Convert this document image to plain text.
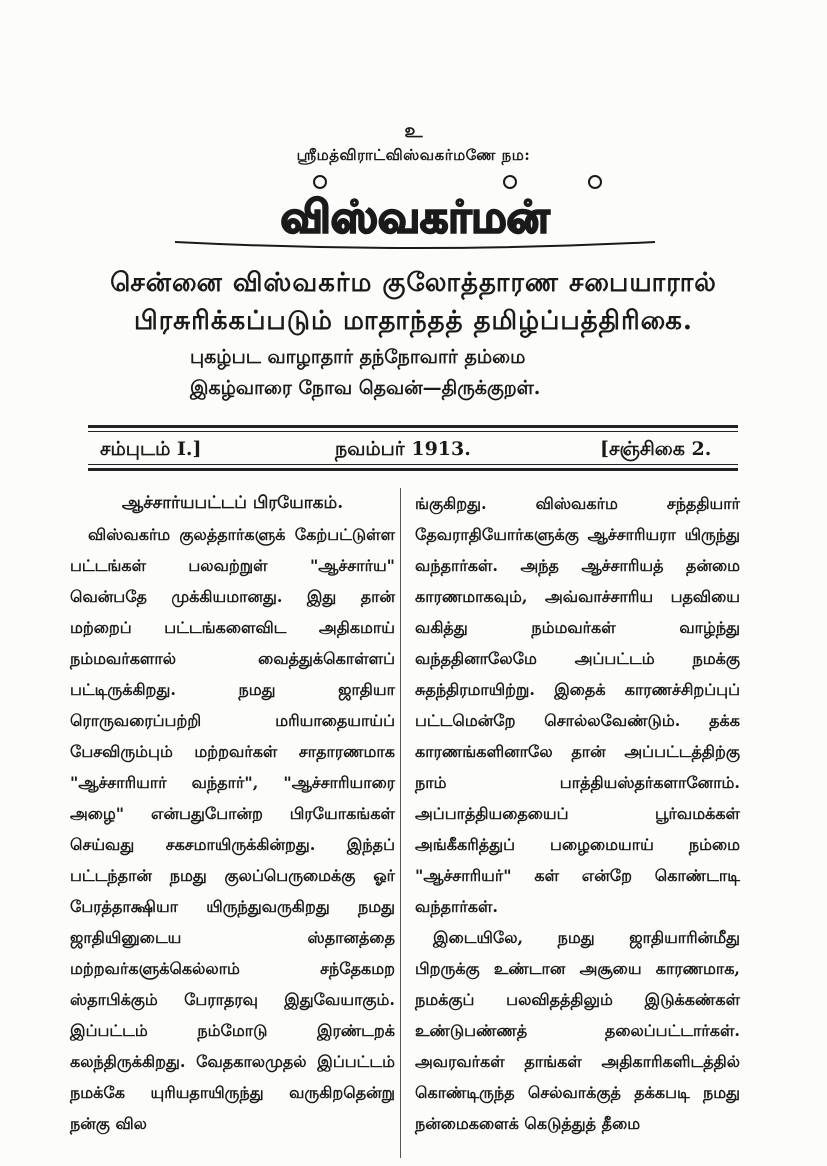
உ
ஸ்ரீமத்விராட்விஸ்வகர்மணே நம:
விஸ்வகர்மன்
சென்னை விஸ்வகர்ம குலோத்தாரண சபையாரால்
பிரசுரிக்கப்படும் மாதாந்தத் தமிழ்ப்பத்திரிகை.
புகழ்பட வாழாதார் தந்நோவார் தம்மை
இகழ்வாரை நோவ தெவன்—திருக்குறள்.
சம்புடம் I.]	நவம்பர் 1913.	[சஞ்சிகை 2.
ஆச்சார்யபட்டப் பிரயோகம்.

விஸ்வகர்ம குலத்தார்களுக் கேற்பட்டுள்ள பட்டங்கள் பலவற்றுள் "ஆச்சார்ய" வென்பதே முக்கியமானது. இது தான் மற்றைப் பட்டங்களைவிட அதிகமாய் நம்மவர்களால் வைத்துக்கொள்ளப் பட்டிருக்கிறது. நமது ஜாதியா ரொருவரைப்பற்றி மரியாதையாய்ப் பேசவிரும்பும் மற்றவர்கள் சாதாரணமாக "ஆச்சாரியார் வந்தார்", "ஆச்சாரியாரை அழை" என்பதுபோன்ற பிரயோகங்கள் செய்வது சகசமாயிருக்கின்றது. இந்தப் பட்டந்தான் நமது குலப்பெருமைக்கு ஓர் பேரத்தாக்ஷியா யிருந்துவருகிறது நமது ஜாதியினுடைய ஸ்தானத்தை மற்றவர்களுக்கெல்லாம் சந்தேகமற ஸ்தாபிக்கும் பேராதரவு இதுவேயாகும். இப்பட்டம் நம்மோடு இரண்டறக் கலந்திருக்கிறது. வேதகாலமுதல் இப்பட்டம் நமக்கே யுரியதாயிருந்து வருகிறதென்று நன்கு வில

ங்குகிறது. விஸ்வகர்ம சந்ததியார் தேவராதியோர்களுக்கு ஆச்சாரியரா யிருந்து வந்தார்கள். அந்த ஆச்சாரியத் தன்மை காரணமாகவும், அவ்வாச்சாரிய பதவியை வகித்து நம்மவர்கள் வாழ்ந்து வந்ததினாலேமே அப்பட்டம் நமக்கு சுதந்திரமாயிற்று. இதைக் காரணச்சிறப்புப் பட்டமென்றே சொல்லவேண்டும். தக்க காரணங்களினாலே தான் அப்பட்டத்திற்கு நாம் பாத்தியஸ்தர்களானோம். அப்பாத்தியதையைப் பூர்வமக்கள் அங்கீகரித்துப் பழைமையாய் நம்மை "ஆச்சாரியர்" கள் என்றே கொண்டாடி வந்தார்கள்.

இடையிலே, நமது ஜாதியாரின்மீது பிறருக்கு உண்டான அசூயை காரணமாக, நமக்குப் பலவிதத்திலும் இடுக்கண்கள் உண்டுபண்ணத் தலைப்பட்டார்கள். அவரவர்கள் தாங்கள் அதிகாரிகளிடத்தில் கொண்டிருந்த செல்வாக்குத் தக்கபடி நமது நன்மைகளைக் கெடுத்துத் தீமை
